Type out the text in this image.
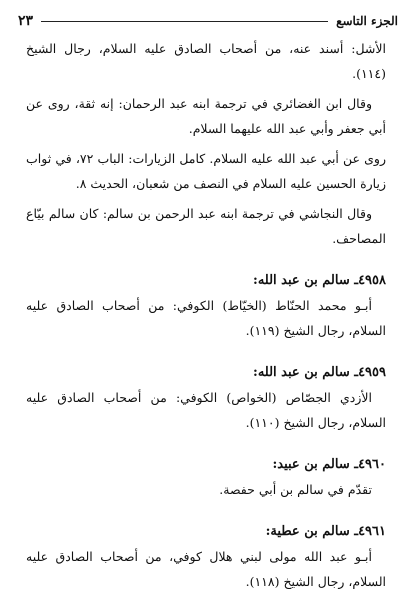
الجزء التاسع
٢٣

الأشل: أسند عنه، من أصحاب الصادق عليه السلام، رجال الشيخ (١١٤).

وقال ابن الغضائري في ترجمة ابنه عبد الرحمان: إنه ثقة، روى عن أبي جعفر وأبي عبد الله عليهما السلام.

روى عن أبي عبد الله عليه السلام. كامل الزيارات: الباب ٧٢، في ثواب زيارة الحسين عليه السلام في النصف من شعبان، الحديث ٨.

وقال النجاشي في ترجمة ابنه عبد الرحمن بن سالم: كان سالم بيّاع المصاحف.

٤٩٥٨ـ سالم بن عبد الله:

أبـو محمد الحنّاط (الخيّاط) الكوفي: من أصحاب الصادق عليه السلام، رجال الشيخ (١١٩).

٤٩٥٩ـ سالم بن عبد الله:

الأزدي الجصّاص (الخواص) الكوفي: من أصحاب الصادق عليه السلام، رجال الشيخ (١١٠).

٤٩٦٠ـ سالم بن عبيد:

تقدّم في سالم بن أبي حفصة.

٤٩٦١ـ سالم بن عطية:

أبـو عبد الله مولى لبني هلال كوفي، من أصحاب الصادق عليه السلام، رجال الشيخ (١١٨).
